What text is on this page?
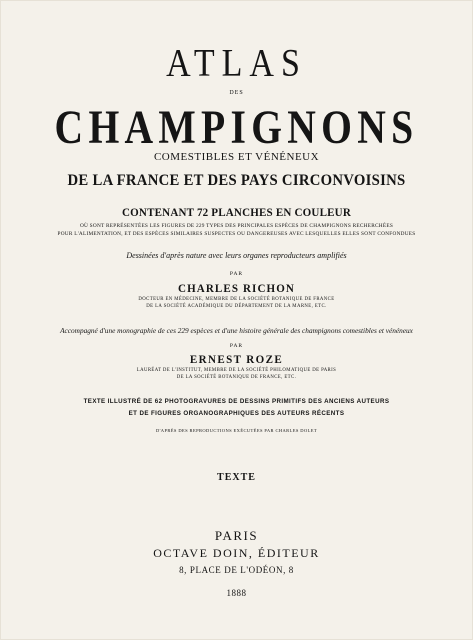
ATLAS

DES

CHAMPIGNONS

COMESTIBLES ET VÉNÉNEUX

DE LA FRANCE ET DES PAYS CIRCONVOISINS

CONTENANT 72 PLANCHES EN COULEUR

OÙ SONT REPRÉSENTÉES LES FIGURES DE 229 TYPES DES PRINCIPALES ESPÈCES DE CHAMPIGNONS RECHERCHÉES

POUR L'ALIMENTATION, ET DES ESPÈCES SIMILAIRES SUSPECTES OU DANGEREUSES AVEC LESQUELLES ELLES SONT CONFONDUES

Dessinées d'après nature avec leurs organes reproducteurs amplifiés

PAR

CHARLES RICHON

DOCTEUR EN MÉDECINE, MEMBRE DE LA SOCIÉTÉ BOTANIQUE DE FRANCE

DE LA SOCIÉTÉ ACADÉMIQUE DU DÉPARTEMENT DE LA MARNE, ETC.

Accompagné d'une monographie de ces 229 espèces et d'une histoire générale des champignons comestibles et vénéneux

PAR

ERNEST ROZE

LAURÉAT DE L'INSTITUT, MEMBRE DE LA SOCIÉTÉ PHILOMATIQUE DE PARIS

DE LA SOCIÉTÉ BOTANIQUE DE FRANCE, ETC.

TEXTE ILLUSTRÉ DE 62 PHOTOGRAVURES DE DESSINS PRIMITIFS DES ANCIENS AUTEURS

ET DE FIGURES ORGANOGRAPHIQUES DES AUTEURS RÉCENTS

D'APRÈS DES REPRODUCTIONS EXÉCUTÉES PAR CHARLES DOLET

TEXTE

PARIS

OCTAVE DOIN, ÉDITEUR

8, PLACE DE L'ODÉON, 8

1888
